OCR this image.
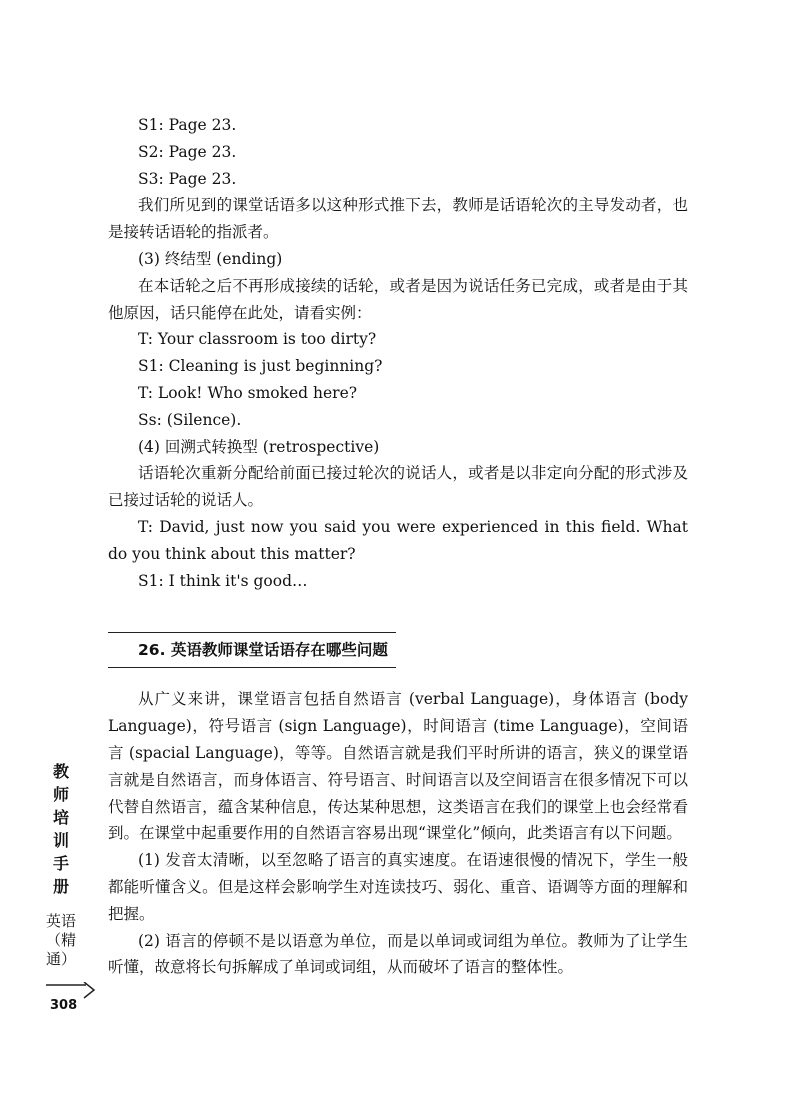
S1: Page 23.
S2: Page 23.
S3: Page 23.

我们所见到的课堂话语多以这种形式推下去，教师是话语轮次的主导发动者，也是接转话语轮的指派者。

(3) 终结型 (ending)

在本话轮之后不再形成接续的话轮，或者是因为说话任务已完成，或者是由于其他原因，话只能停在此处，请看实例：

T: Your classroom is too dirty?
S1: Cleaning is just beginning?
T: Look! Who smoked here?
Ss: (Silence).
(4) 回溯式转换型 (retrospective)

话语轮次重新分配给前面已接过轮次的说话人，或者是以非定向分配的形式涉及已接过话轮的说话人。

T: David, just now you said you were experienced in this field. What do you think about this matter?

S1: I think it's good…
26. 英语教师课堂话语存在哪些问题

从广义来讲，课堂语言包括自然语言 (verbal Language)，身体语言 (body Language)，符号语言 (sign Language)，时间语言 (time Language)，空间语言 (spacial Language)，等等。自然语言就是我们平时所讲的语言，狭义的课堂语言就是自然语言，而身体语言、符号语言、时间语言以及空间语言在很多情况下可以代替自然语言，蕴含某种信息，传达某种思想，这类语言在我们的课堂上也会经常看到。在课堂中起重要作用的自然语言容易出现“课堂化”倾向，此类语言有以下问题。

(1) 发音太清晰，以至忽略了语言的真实速度。在语速很慢的情况下，学生一般都能听懂含义。但是这样会影响学生对连读技巧、弱化、重音、语调等方面的理解和把握。

(2) 语言的停顿不是以语意为单位，而是以单词或词组为单位。教师为了让学生听懂，故意将长句拆解成了单词或词组，从而破坏了语言的整体性。

教师培训手册
英语（精通）
308
